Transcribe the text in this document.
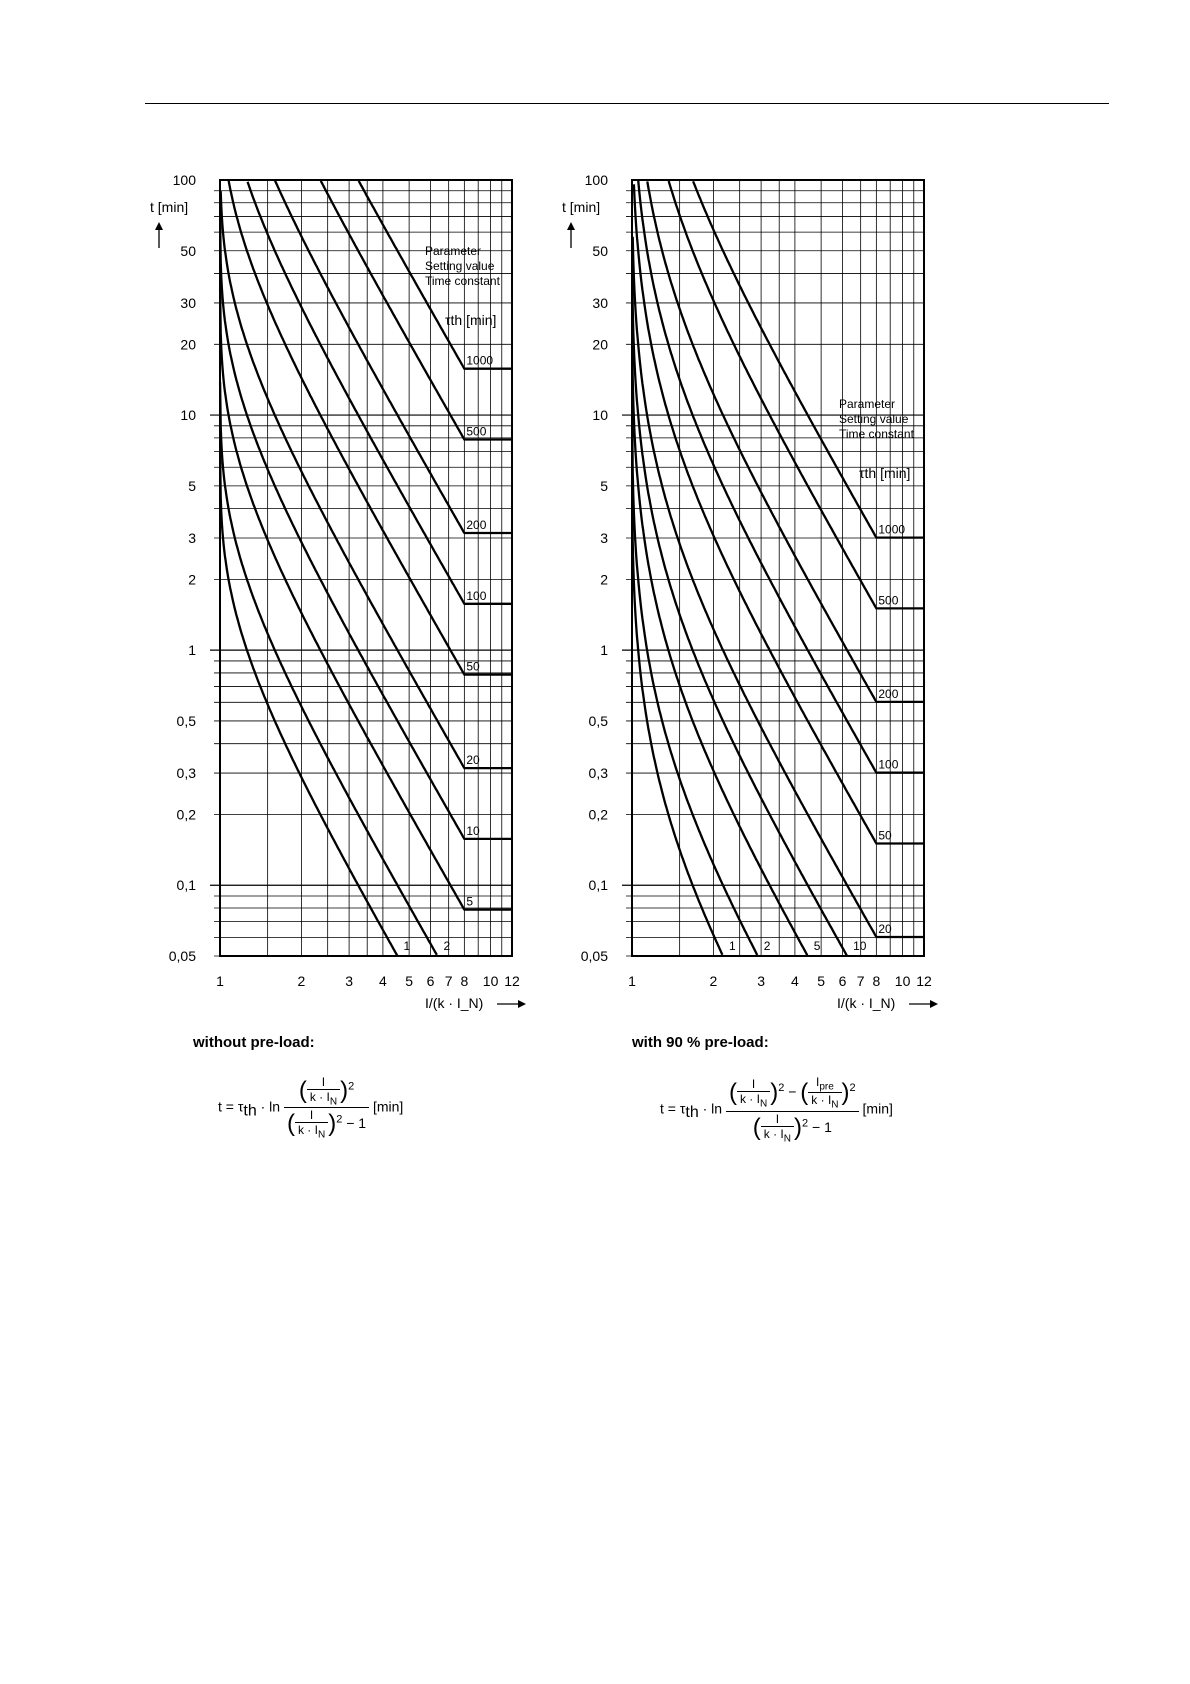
0,05
0,1
0,2
0,3
0,5
1
2
3
5
10
20
30
50
100
1	2	3 4 5 6 7 8 10 12
t [min]
I/(k · I_N)
1	2
5
10
20
50
100
200
500
1000
Parameter
Setting value
Time constant
τth [min]
0,05
0,1
0,2
0,3
0,5
1
2
3
5
10
20
30
50
100
1	2	3 4 5 6 7 8 10 12
t [min]
I/(k · I_N)
1 2	5	10
20
50
100
200
500
1000
Parameter
Setting value
Time constant
τth [min]
without pre-load:	with 90 % pre-load:
$t = \tau_{th} \cdot \ln \frac{( \frac{I}{k \cdot I_N} )^2}{( \frac{I}{k \cdot I_N} )^2 - 1} [\min]$	$t = \tau_{th} \cdot \ln \frac{( \frac{I}{k \cdot I_N} )^2 - ( \frac{I_{pre}}{k \cdot I_N} )^2}{( \frac{I}{k \cdot I_N} )^2 - 1} [\min]$
